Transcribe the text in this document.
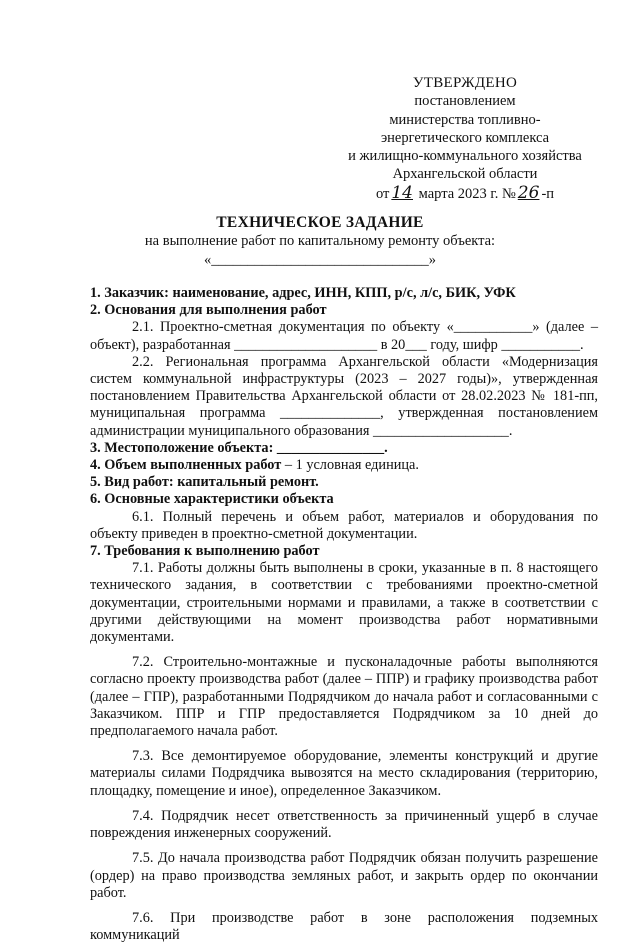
УТВЕРЖДЕНО
постановлением
министерства топливно-
энергетического комплекса
и жилищно-коммунального хозяйства
Архангельской области
от 14 марта 2023 г. № 26 -п
ТЕХНИЧЕСКОЕ ЗАДАНИЕ
на выполнение работ по капитальному ремонту объекта:
«______________________________»

1. Заказчик: наименование, адрес, ИНН, КПП, р/с, л/с, БИК, УФК

2. Основания для выполнения работ

2.1. Проектно-сметная документация по объекту «___________» (далее – объект), разработанная ____________________ в 20___ году, шифр ___________.

2.2. Региональная программа Архангельской области «Модернизация систем коммунальной инфраструктуры (2023 – 2027 годы)», утвержденная постановлением Правительства Архангельской области от 28.02.2023 № 181-пп, муниципальная программа ______________, утвержденная постановлением администрации муниципального образования ___________________.

3. Местоположение объекта: _______________.

4. Объем выполненных работ – 1 условная единица.

5. Вид работ: капитальный ремонт.

6. Основные характеристики объекта

6.1. Полный перечень и объем работ, материалов и оборудования по объекту приведен в проектно-сметной документации.

7. Требования к выполнению работ

7.1. Работы должны быть выполнены в сроки, указанные в п. 8 настоящего технического задания, в соответствии с требованиями проектно-сметной документации, строительными нормами и правилами, а также в соответствии с другими действующими на момент производства работ нормативными документами.

7.2. Строительно-монтажные и пусконаладочные работы выполняются согласно проекту производства работ (далее – ППР) и графику производства работ (далее – ГПР), разработанными Подрядчиком до начала работ и согласованными с Заказчиком. ППР и ГПР предоставляется Подрядчиком за 10 дней до предполагаемого начала работ.

7.3. Все демонтируемое оборудование, элементы конструкций и другие материалы силами Подрядчика вывозятся на место складирования (территорию, площадку, помещение и иное), определенное Заказчиком.

7.4. Подрядчик несет ответственность за причиненный ущерб в случае повреждения инженерных сооружений.

7.5. До начала производства работ Подрядчик обязан получить разрешение (ордер) на право производства земляных работ, и закрыть ордер по окончании работ.

7.6. При производстве работ в зоне расположения подземных коммуникаций
